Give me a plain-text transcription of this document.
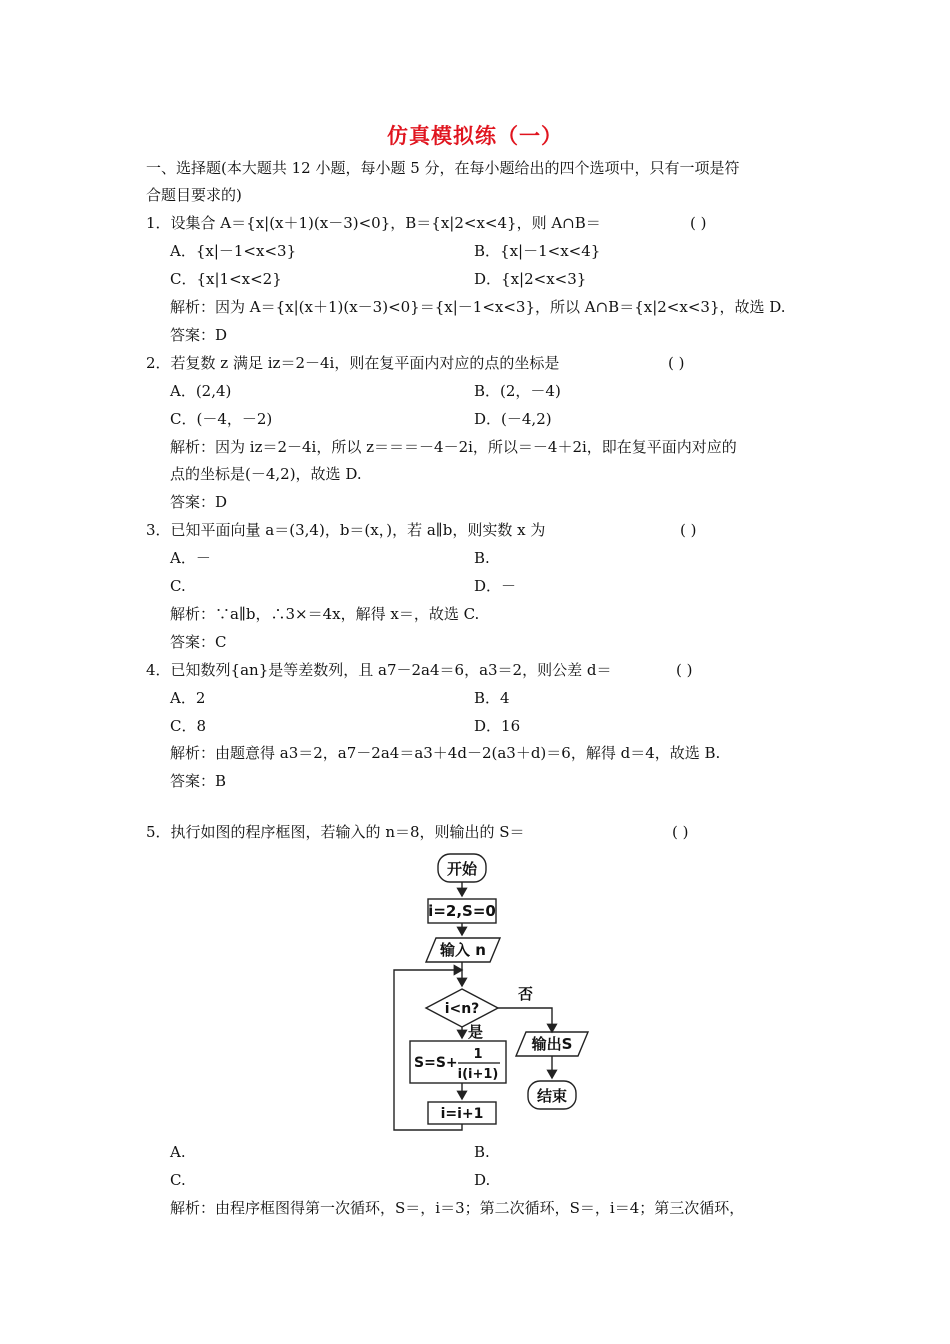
仿真模拟练（一）
一、选择题(本大题共 12 小题，每小题 5 分，在每小题给出的四个选项中，只有一项是符
合题目要求的)
1．设集合 A＝{x|(x＋1)(x－3)<0}，B＝{x|2<x<4}，则 A∩B＝	( )
A．{x|－1<x<3}	B．{x|－1<x<4}
C．{x|1<x<2}	D．{x|2<x<3}
解析：因为 A＝{x|(x＋1)(x－3)<0}＝{x|－1<x<3}，所以 A∩B＝{x|2<x<3}，故选 D.
答案：D
2．若复数 z 满足 iz＝2－4i，则在复平面内对应的点的坐标是	( )
A．(2,4)	B．(2，－4)
C．(－4，－2)	D．(－4,2)
解析：因为 iz＝2－4i，所以 z＝＝＝－4－2i，所以＝－4＋2i，即在复平面内对应的
点的坐标是(－4,2)，故选 D.
答案：D
3．已知平面向量 a＝(3,4)，b＝(x，)，若 a∥b，则实数 x 为	( )
A．－	B.
C.	D．－
解析：∵a∥b，∴3×＝4x，解得 x＝，故选 C.
答案：C
4．已知数列{an}是等差数列，且 a7－2a4＝6，a3＝2，则公差 d＝	( )
A．2	B．4
C．8	D．16
解析：由题意得 a3＝2，a7－2a4＝a3＋4d－2(a3＋d)＝6，解得 d＝4，故选 B.
答案：B
5．执行如图的程序框图，若输入的 n＝8，则输出的 S＝	( )
开始
i=2,S=0
输入 n
i<n?
是
否
S=S+
1
i(i+1)
i=i+1
输出S
结束
A.	B.
C.	D.
解析：由程序框图得第一次循环，S＝，i＝3；第二次循环，S＝，i＝4；第三次循环，
